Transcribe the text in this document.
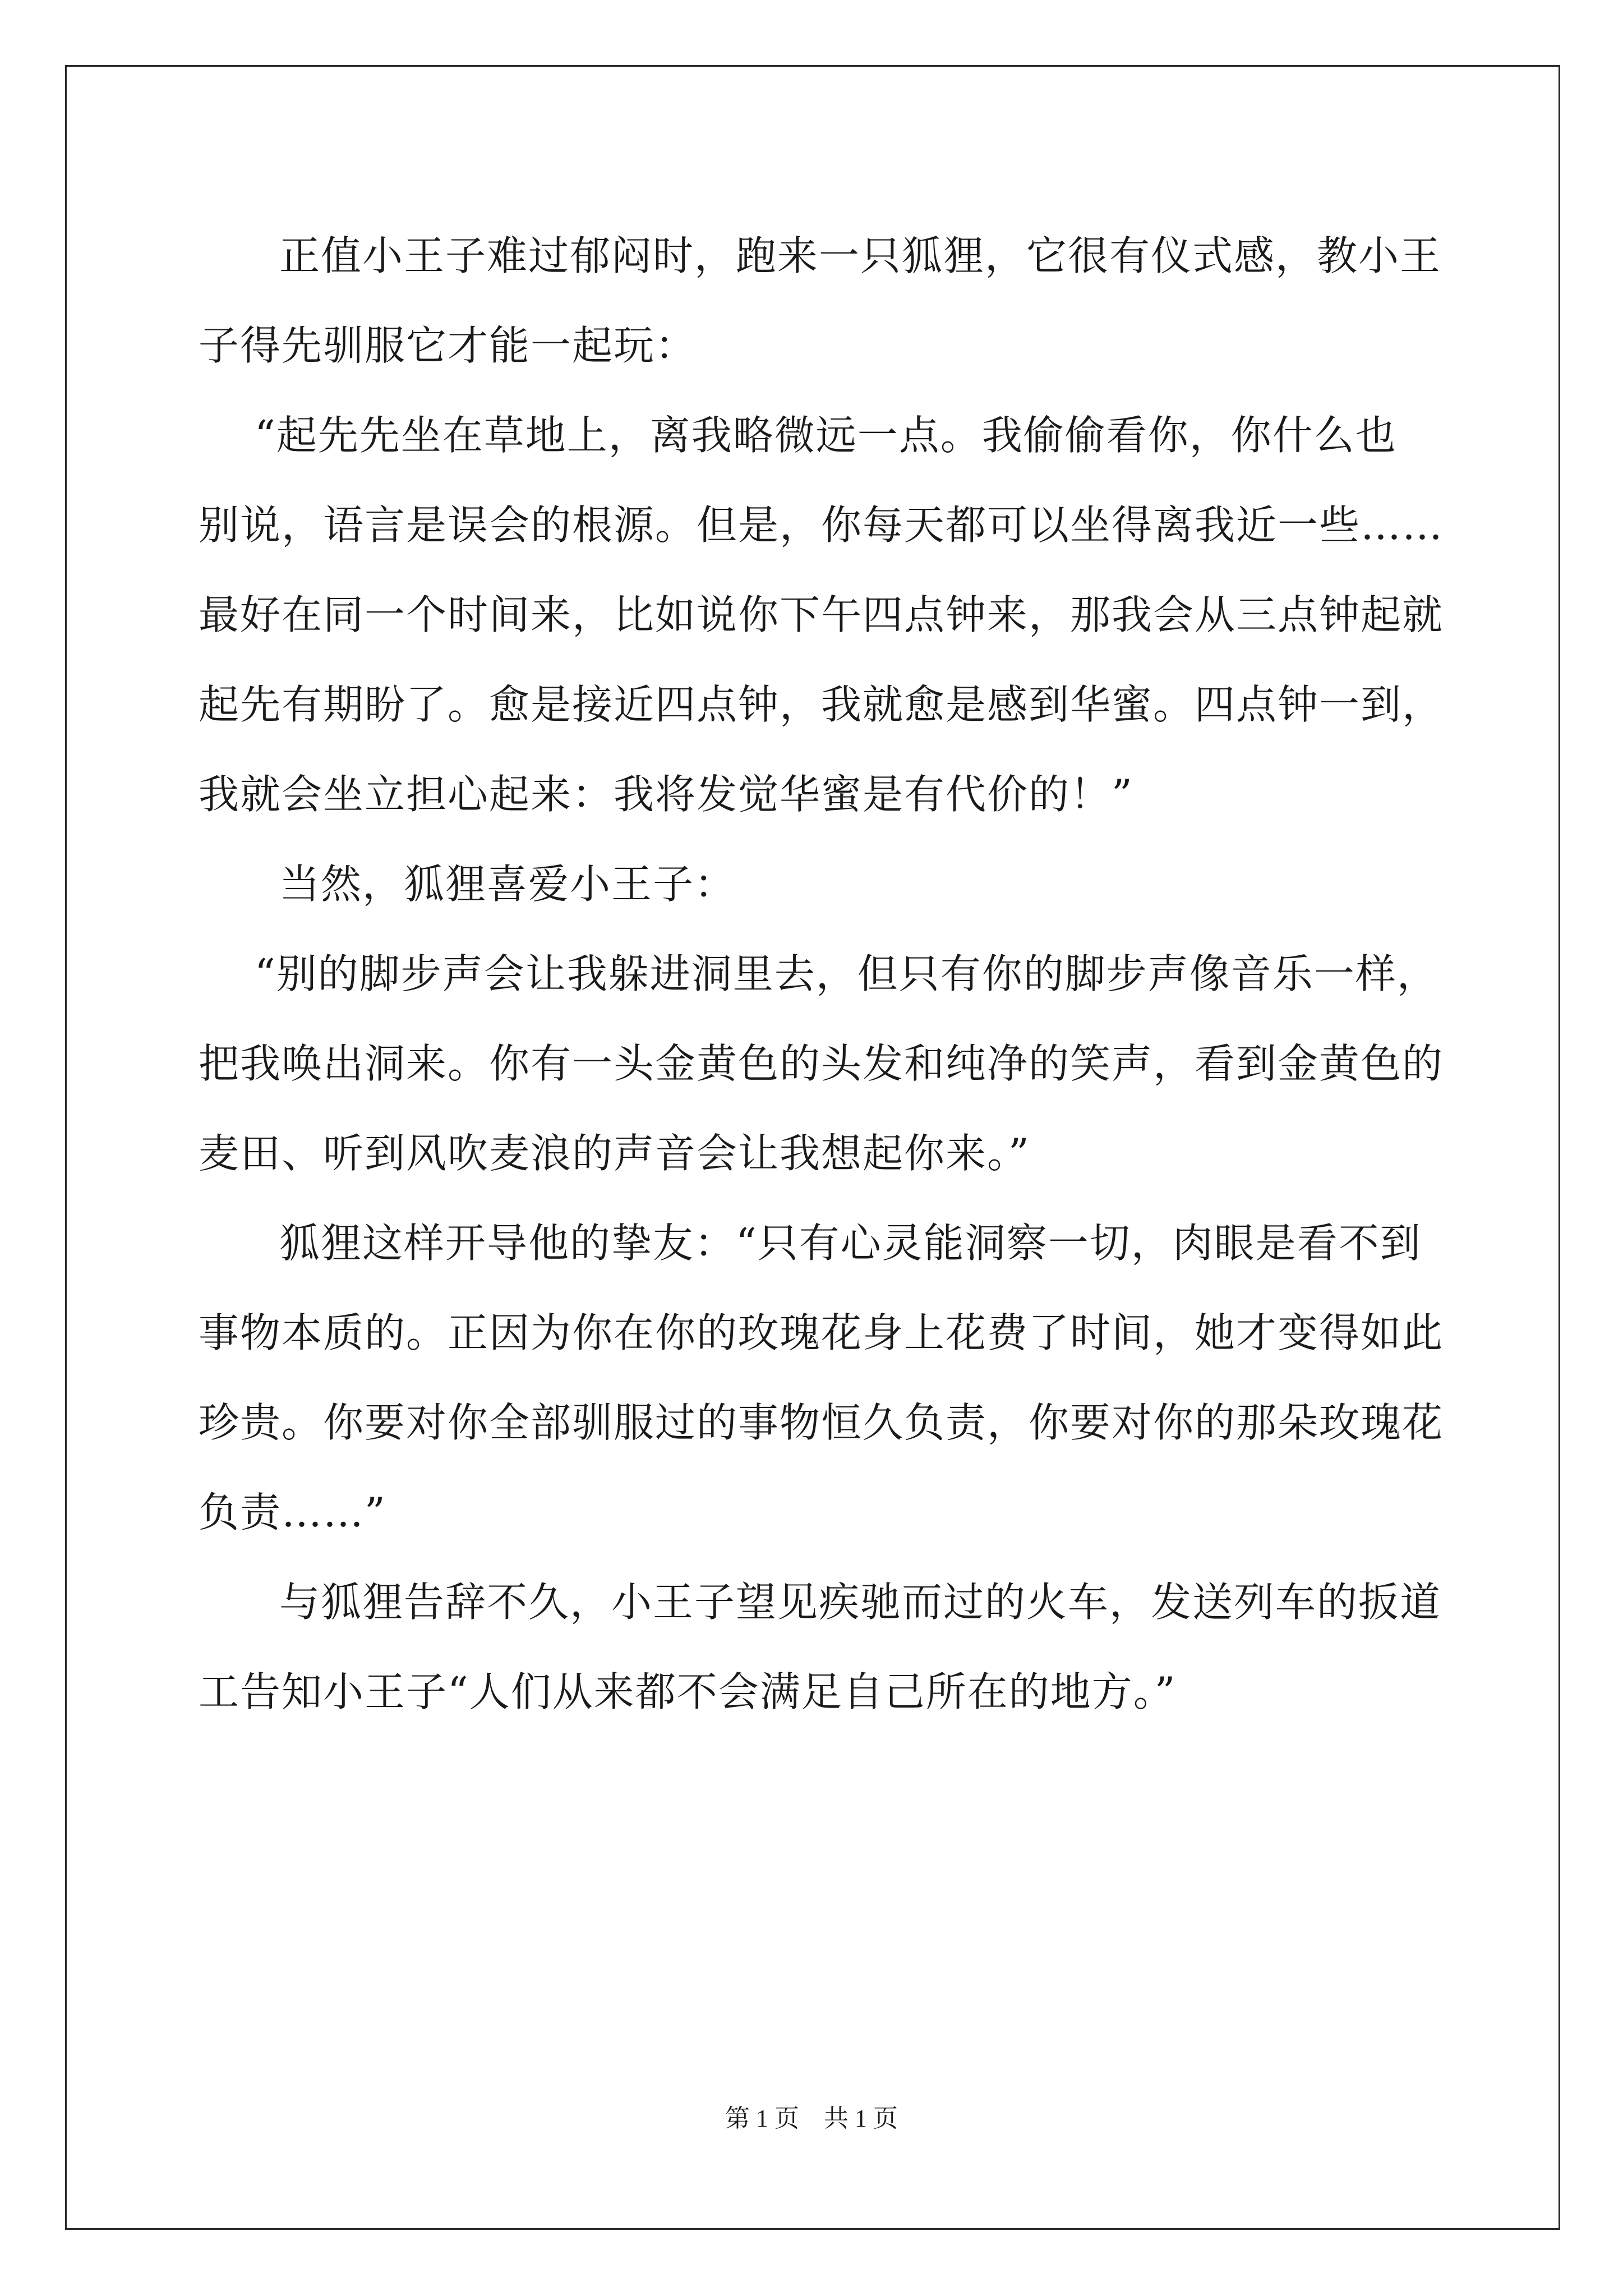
正值小王子难过郁闷时，跑来一只狐狸，它很有仪式感，教小王
子得先驯服它才能一起玩：
“起先先坐在草地上，离我略微远一点。我偷偷看你，你什么也
别说，语言是误会的根源。但是，你每天都可以坐得离我近一些……
最好在同一个时间来，比如说你下午四点钟来，那我会从三点钟起就
起先有期盼了。愈是接近四点钟，我就愈是感到华蜜。四点钟一到，
我就会坐立担心起来：我将发觉华蜜是有代价的！”
当然，狐狸喜爱小王子：
“别的脚步声会让我躲进洞里去，但只有你的脚步声像音乐一样，
把我唤出洞来。你有一头金黄色的头发和纯净的笑声，看到金黄色的
麦田、听到风吹麦浪的声音会让我想起你来。”
狐狸这样开导他的挚友：“只有心灵能洞察一切，肉眼是看不到
事物本质的。正因为你在你的玫瑰花身上花费了时间，她才变得如此
珍贵。你要对你全部驯服过的事物恒久负责，你要对你的那朵玫瑰花
负责……”
与狐狸告辞不久，小王子望见疾驰而过的火车，发送列车的扳道
工告知小王子“人们从来都不会满足自己所在的地方。”
第 1 页    共 1 页
